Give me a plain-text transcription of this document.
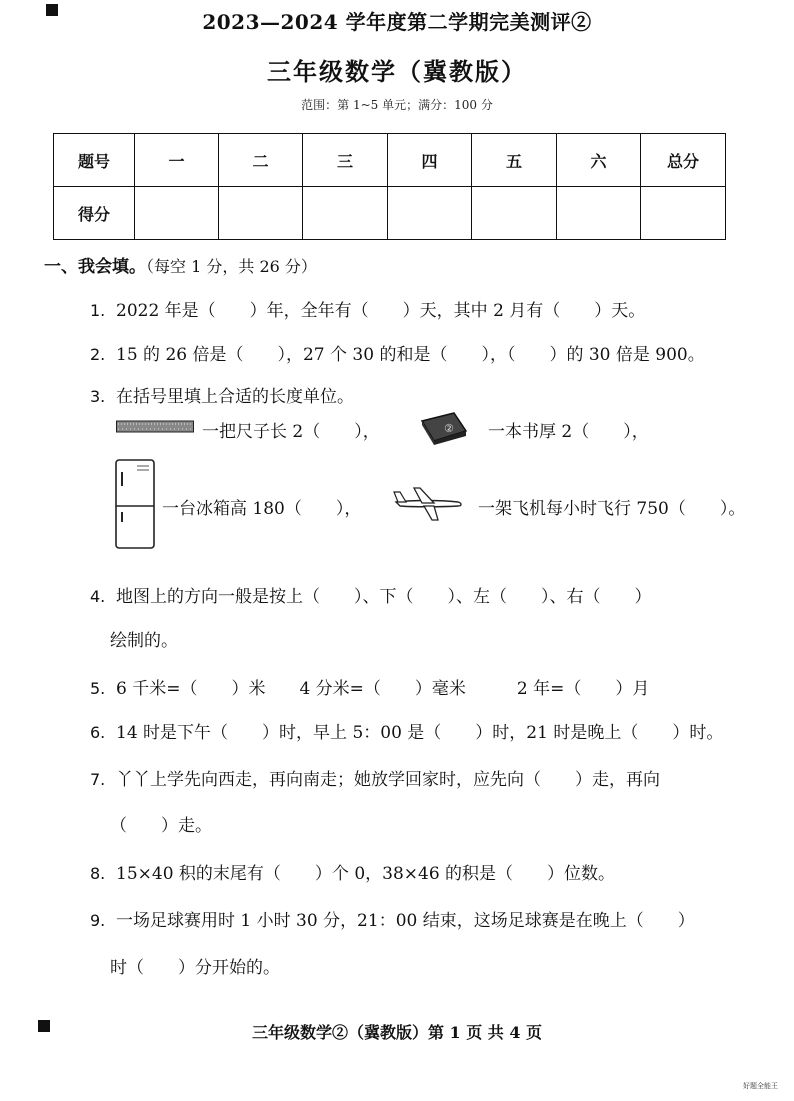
2023—2024 学年度第二学期完美测评②
三年级数学（冀教版）
范围：第 1~5 单元；满分：100 分
题号	一	二	三	四	五	六	总分
得分							
一、我会填。（每空 1 分，共 26 分）
1. 2022 年是（　　）年，全年有（　　）天，其中 2 月有（　　）天。
2. 15 的 26 倍是（　　），27 个 30 的和是（　　），（　　）的 30 倍是 900。
3. 在括号里填上合适的长度单位。
一把尺子长 2（　　），	② 一本书厚 2（　　），
一台冰箱高 180（　　），	一架飞机每小时飞行 750（　　）。
4. 地图上的方向一般是按上（　　）、下（　　）、左（　　）、右（　　）
绘制的。
5. 6 千米=（　　）米　　4 分米=（　　）毫米　　　2 年=（　　）月
6. 14 时是下午（　　）时，早上 5：00 是（　　）时，21 时是晚上（　　）时。
7. 丫丫上学先向西走，再向南走；她放学回家时，应先向（　　）走，再向
（　　）走。
8. 15×40 积的末尾有（　　）个 0，38×46 的积是（　　）位数。
9. 一场足球赛用时 1 小时 30 分，21：00 结束，这场足球赛是在晚上（　　）
时（　　）分开始的。
三年级数学②（冀教版）第 1 页 共 4 页
好题全能王
